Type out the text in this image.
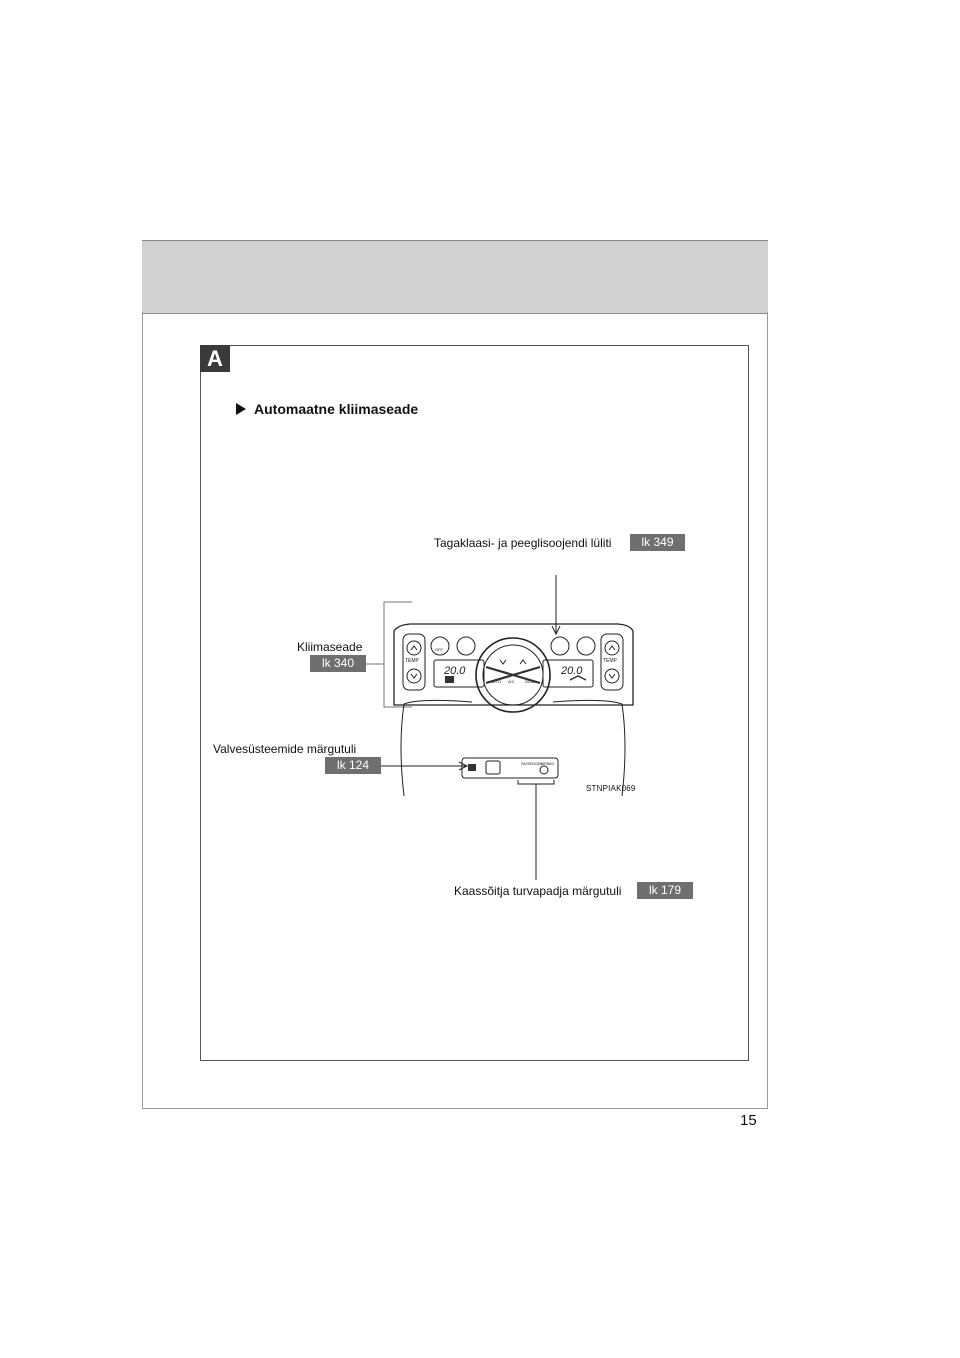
15
A
Automaatne kliimaseade
Tagaklaasi- ja peeglisoojendi lüliti	lk 349
Kliimaseade
lk 340
Valvesüsteemide märgutuli
lk 124
Kaassõitja turvapadja märgutuli	lk 179
STNPIAK069
TEMP	TEMP
OFF
20.0	20.0
AUTO A/C	DUAL
PASSENGER
AIRBAG
